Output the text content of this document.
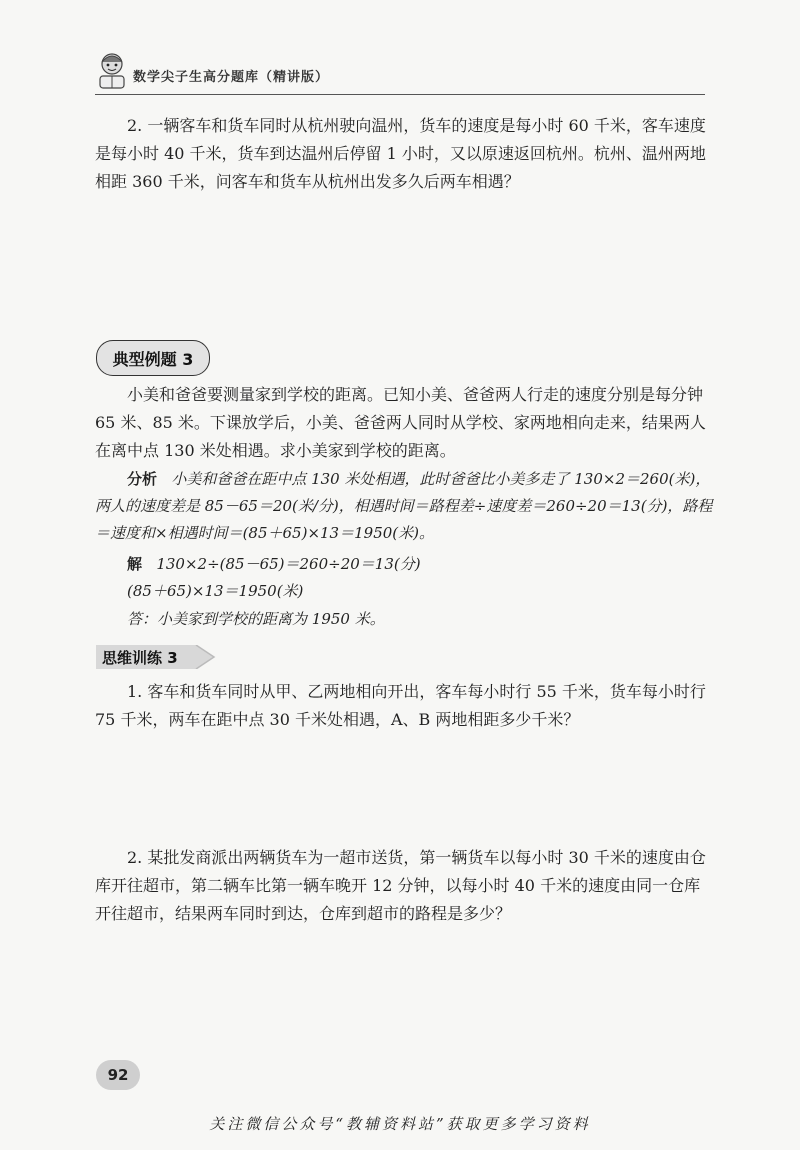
数学尖子生高分题库（精讲版）
2. 一辆客车和货车同时从杭州驶向温州，货车的速度是每小时 60 千米，客车速度是每小时 40 千米，货车到达温州后停留 1 小时，又以原速返回杭州。杭州、温州两地相距 360 千米，问客车和货车从杭州出发多久后两车相遇？
典型例题 3
小美和爸爸要测量家到学校的距离。已知小美、爸爸两人行走的速度分别是每分钟 65 米、85 米。下课放学后，小美、爸爸两人同时从学校、家两地相向走来，结果两人在离中点 130 米处相遇。求小美家到学校的距离。
分析 小美和爸爸在距中点 130 米处相遇，此时爸爸比小美多走了 130×2＝260(米)，两人的速度差是 85－65＝20(米/分)，相遇时间＝路程差÷速度差＝260÷20＝13(分)，路程＝速度和×相遇时间＝(85＋65)×13＝1950(米)。
解 130×2÷(85－65)＝260÷20＝13(分)
(85＋65)×13＝1950(米)
答：小美家到学校的距离为 1950 米。
思维训练 3
1. 客车和货车同时从甲、乙两地相向开出，客车每小时行 55 千米，货车每小时行 75 千米，两车在距中点 30 千米处相遇，A、B 两地相距多少千米？
2. 某批发商派出两辆货车为一超市送货，第一辆货车以每小时 30 千米的速度由仓库开往超市，第二辆车比第一辆车晚开 12 分钟，以每小时 40 千米的速度由同一仓库开往超市，结果两车同时到达，仓库到超市的路程是多少？
92
关注微信公众号“教辅资料站”获取更多学习资料
